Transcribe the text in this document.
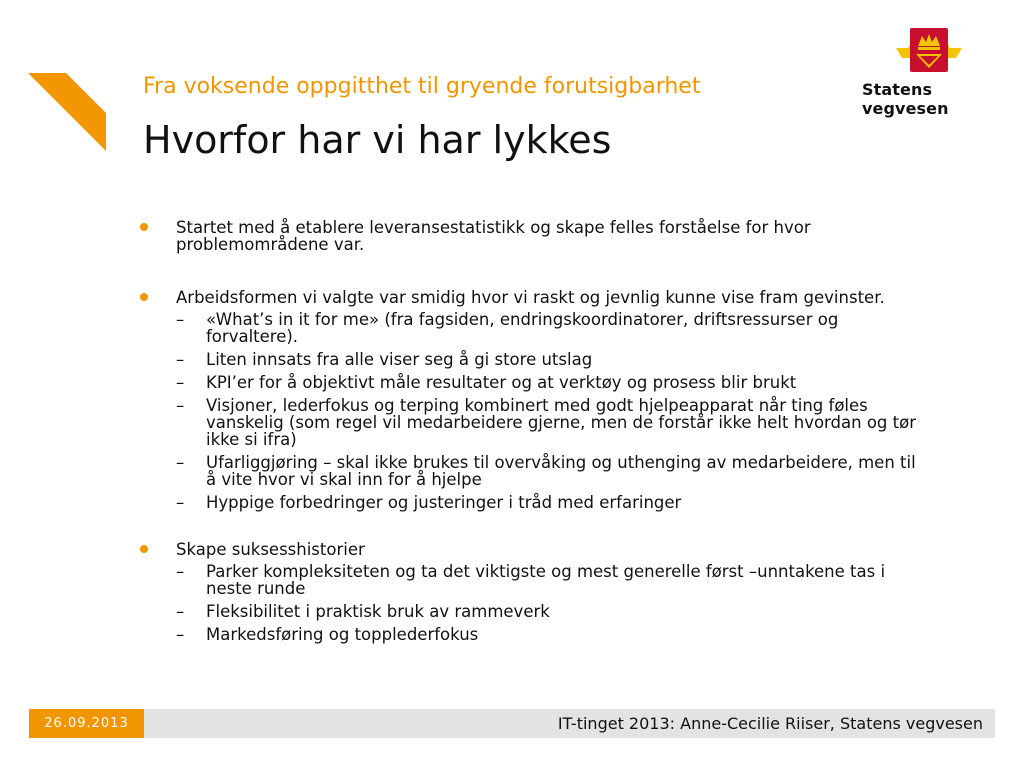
Statens vegvesen
Fra voksende oppgitthet til gryende forutsigbarhet
Hvorfor har vi har lykkes
Startet med å etablere leveransestatistikk og skape felles forståelse for hvor problemområdene var.
Arbeidsformen vi valgte var smidig hvor vi raskt og jevnlig kunne vise fram gevinster.
– «What’s in it for me» (fra fagsiden, endringskoordinatorer, driftsressurser og forvaltere).
– Liten innsats fra alle viser seg å gi store utslag
– KPI’er for å objektivt måle resultater og at verktøy og prosess blir brukt
– Visjoner, lederfokus og terping kombinert med godt hjelpeapparat når ting føles vanskelig (som regel vil medarbeidere gjerne, men de forstår ikke helt hvordan og tør ikke si ifra)
– Ufarliggjøring – skal ikke brukes til overvåking og uthenging av medarbeidere, men til å vite hvor vi skal inn for å hjelpe
– Hyppige forbedringer og justeringer i tråd med erfaringer
Skape suksesshistorier
– Parker kompleksiteten og ta det viktigste og mest generelle først –unntakene tas i neste runde
– Fleksibilitet i praktisk bruk av rammeverk
– Markedsføring og topplederfokus
26.09.2013	IT-tinget 2013: Anne-Cecilie Riiser, Statens vegvesen
